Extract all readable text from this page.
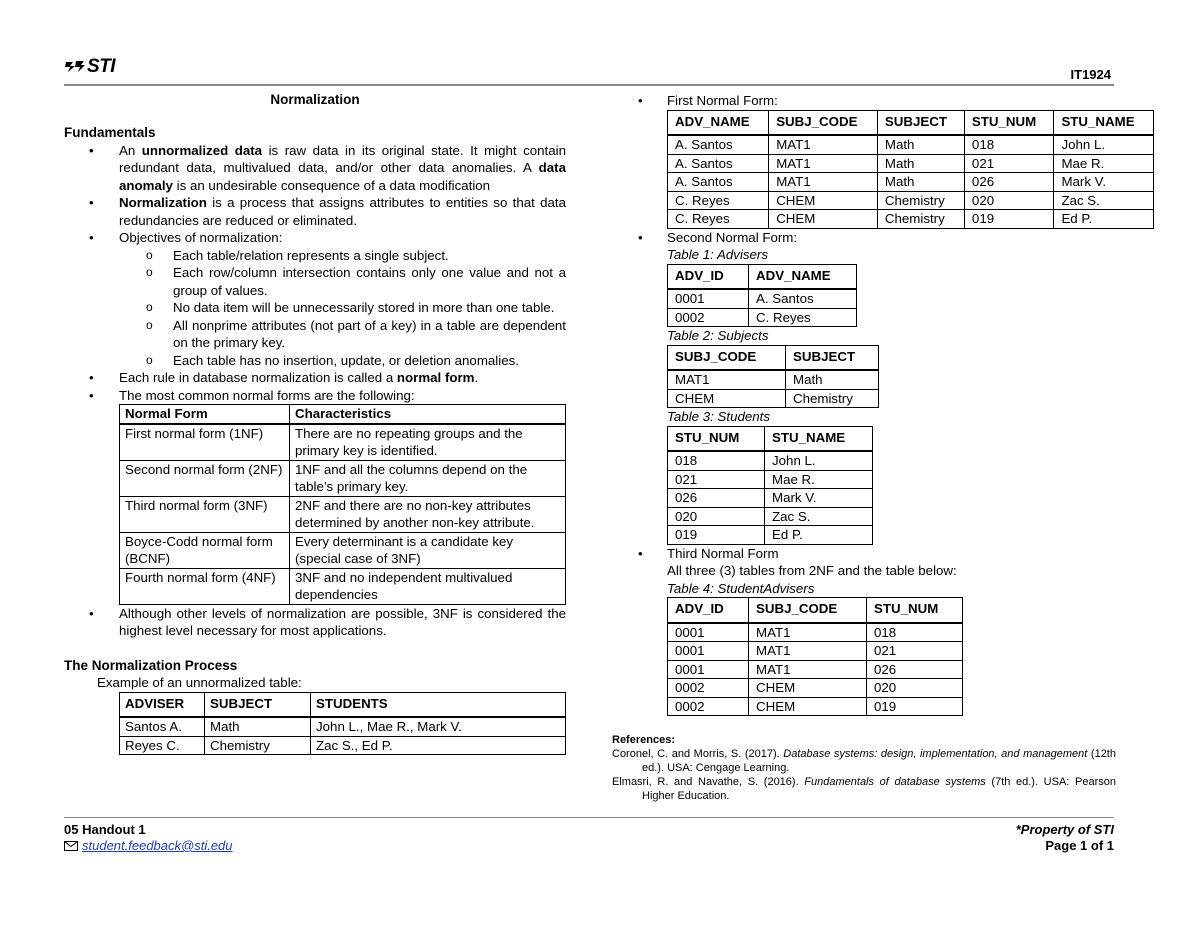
STI	IT1924
Normalization
Fundamentals
• An unnormalized data is raw data in its original state. It might contain redundant data, multivalued data, and/or other data anomalies. A data anomaly is an undesirable consequence of a data modification
• Normalization is a process that assigns attributes to entities so that data redundancies are reduced or eliminated.
• Objectives of normalization:
o Each table/relation represents a single subject.
o Each row/column intersection contains only one value and not a group of values.
o No data item will be unnecessarily stored in more than one table.
o All nonprime attributes (not part of a key) in a table are dependent on the primary key.
o Each table has no insertion, update, or deletion anomalies.
• Each rule in database normalization is called a normal form.
• The most common normal forms are the following:
Normal Form	Characteristics
First normal form (1NF)	There are no repeating groups and the primary key is identified.
Second normal form (2NF)	1NF and all the columns depend on the table’s primary key.
Third normal form (3NF)	2NF and there are no non-key attributes determined by another non-key attribute.
Boyce-Codd normal form (BCNF)	Every determinant is a candidate key (special case of 3NF)
Fourth normal form (4NF)	3NF and no independent multivalued dependencies
• Although other levels of normalization are possible, 3NF is considered the highest level necessary for most applications.
The Normalization Process
Example of an unnormalized table:
ADVISER	SUBJECT	STUDENTS
Santos A.	Math	John L., Mae R., Mark V.
Reyes C.	Chemistry	Zac S., Ed P.
• First Normal Form:
ADV_NAME	SUBJ_CODE	SUBJECT	STU_NUM	STU_NAME
A. Santos	MAT1	Math	018	John L.
A. Santos	MAT1	Math	021	Mae R.
A. Santos	MAT1	Math	026	Mark V.
C. Reyes	CHEM	Chemistry	020	Zac S.
C. Reyes	CHEM	Chemistry	019	Ed P.
• Second Normal Form:
Table 1: Advisers
ADV_ID	ADV_NAME
0001	A. Santos
0002	C. Reyes
Table 2: Subjects
SUBJ_CODE	SUBJECT
MAT1	Math
CHEM	Chemistry
Table 3: Students
STU_NUM	STU_NAME
018	John L.
021	Mae R.
026	Mark V.
020	Zac S.
019	Ed P.
• Third Normal Form
All three (3) tables from 2NF and the table below:
Table 4: StudentAdvisers
ADV_ID	SUBJ_CODE	STU_NUM
0001	MAT1	018
0001	MAT1	021
0001	MAT1	026
0002	CHEM	020
0002	CHEM	019

References:

Coronel, C. and Morris, S. (2017). Database systems: design, implementation, and management (12th ed.). USA: Cengage Learning.

Elmasri, R. and Navathe, S. (2016). Fundamentals of database systems (7th ed.). USA: Pearson Higher Education.

05 Handout 1
student.feedback@sti.edu
*Property of STI
Page 1 of 1
